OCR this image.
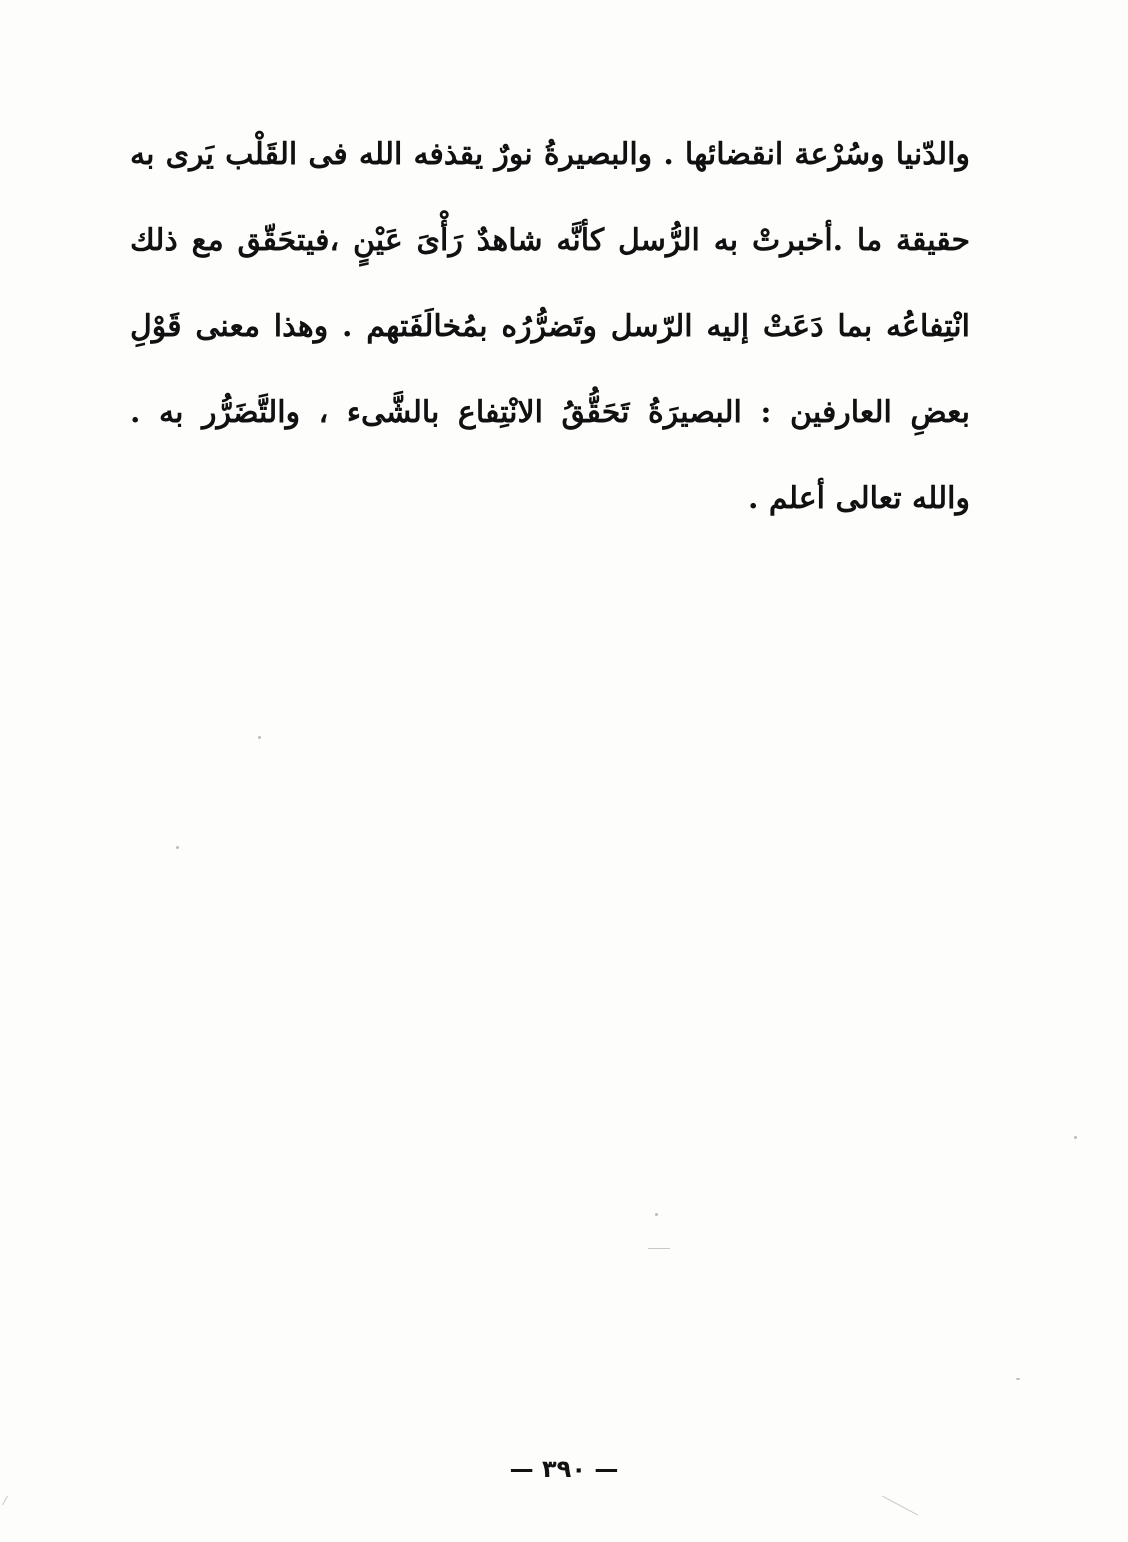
والدّنيا وسُرْعة انقضائها . والبصيرةُ نورٌ يقذفه الله فى القَلْب يَرى به
حقيقة ما .أخبرتْ به الرُّسل كأنَّه شاهدٌ رَأْىَ عَيْنٍ ،فيتحَقّق مع ذلك
انْتِفاعُه بما دَعَتْ إليه الرّسل وتَضرُّرُه بمُخالَفَتهم . وهذا معنى قَوْلِ
بعضِ العارفين : البصيرَةُ تَحَقُّقُ الانْتِفاع بالشَّىء ، والتَّضَرُّر به .
والله تعالى أعلم .
— ٣٩٠ —
